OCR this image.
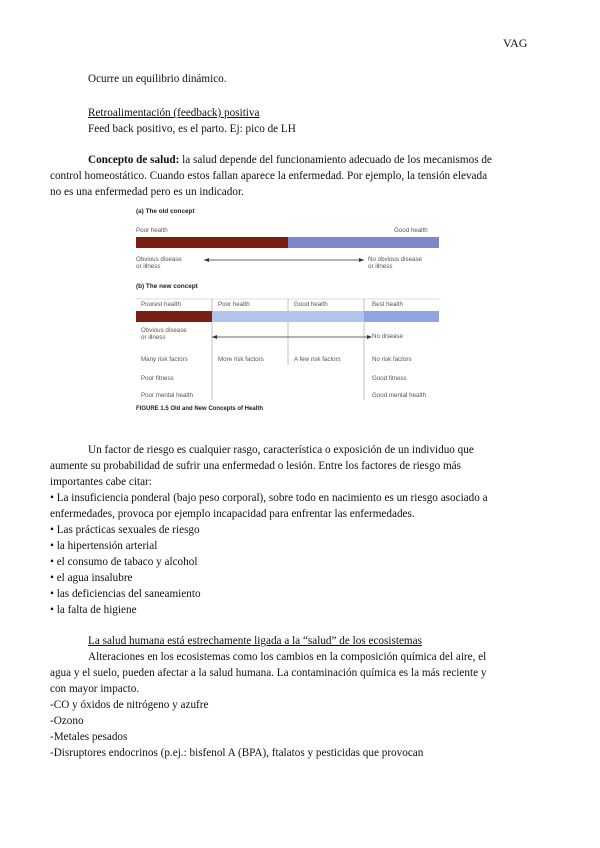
VAG
Ocurre un equilibrio dinámico.
Retroalimentación (feedback) positiva
Feed back positivo, es el parto. Ej: pico de LH
Concepto de salud: la salud depende del funcionamiento adecuado de los mecanismos de
control homeostático. Cuando estos fallan aparece la enfermedad. Por ejemplo, la tensión elevada
no es una enfermedad pero es un indicador.
(a) The old concept
Poor health	Good health
Obvious disease
or illness
No obvious disease
or illness
(b) The new concept
Poorest health	Poor health	Good health	Best health
Obvious disease
or illness	No disease
Many risk factors	More risk factors	A few risk factors	No risk factors
Poor fitness	Good fitness
Poor mental health	Good mental health
FIGURE 1.5 Old and New Concepts of Health
Un factor de riesgo es cualquier rasgo, característica o exposición de un individuo que
aumente su probabilidad de sufrir una enfermedad o lesión. Entre los factores de riesgo más
importantes cabe citar:
• La insuficiencia ponderal (bajo peso corporal), sobre todo en nacimiento es un riesgo asociado a
enfermedades, provoca por ejemplo incapacidad para enfrentar las enfermedades.
• Las prácticas sexuales de riesgo
• la hipertensión arterial
• el consumo de tabaco y alcohol
• el agua insalubre
• las deficiencias del saneamiento
• la falta de higiene
La salud humana está estrechamente ligada a la “salud” de los ecosistemas
Alteraciones en los ecosistemas como los cambios en la composición química del aire, el
agua y el suelo, pueden afectar a la salud humana. La contaminación química es la más reciente y
con mayor impacto.
-CO y óxidos de nitrógeno y azufre
-Ozono
-Metales pesados
-Disruptores endocrinos (p.ej.: bisfenol A (BPA), ftalatos y pesticidas que provocan
